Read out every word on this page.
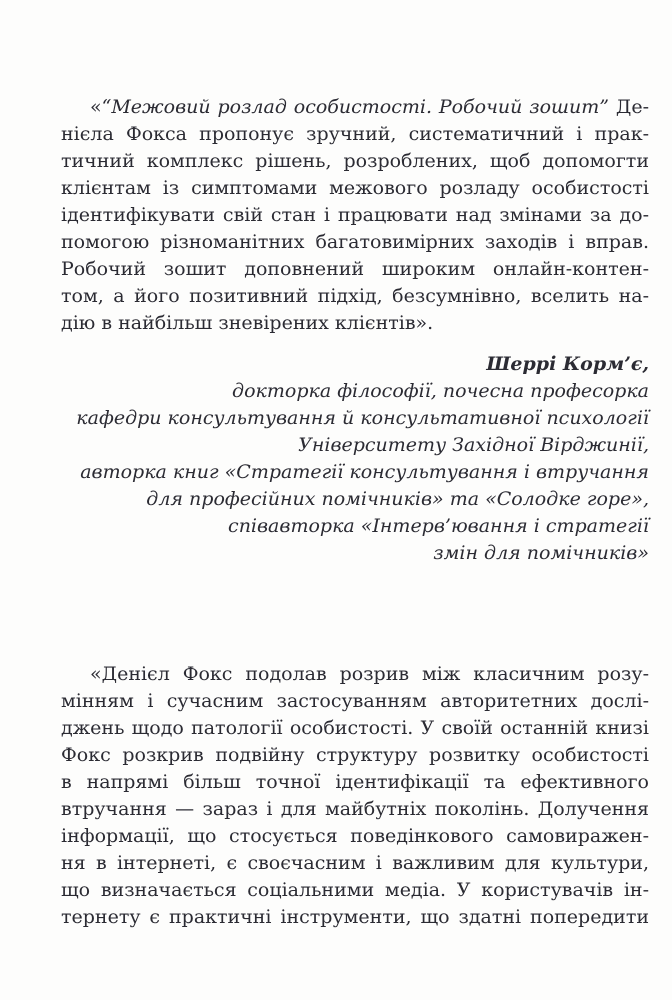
«“Межовий розлад особистості. Робочий зошит” Де-
нієла Фокса пропонує зручний, систематичний і прак-
тичний комплекс рішень, розроблених, щоб допомогти
клієнтам із симптомами межового розладу особистості
ідентифікувати свій стан і працювати над змінами за до-
помогою різноманітних багатовимірних заходів і вправ.
Робочий зошит доповнений широким онлайн-контен-
том, а його позитивний підхід, безсумнівно, вселить на-
дію в найбільш зневірених клієнтів».
Шеррі Корм’є,
докторка філософії, почесна професорка
кафедри консультування й консультативної психології
Університету Західної Вірджинії,
авторка книг «Стратегії консультування і втручання
для професійних помічників» та «Солодке горе»,
співавторка «Інтерв’ювання і стратегії
змін для помічників»
«Денієл Фокс подолав розрив між класичним розу-
мінням і сучасним застосуванням авторитетних дослі-
джень щодо патології особистості. У своїй останній книзі
Фокс розкрив подвійну структуру розвитку особистості
в напрямі більш точної ідентифікації та ефективного
втручання — зараз і для майбутніх поколінь. Долучення
інформації, що стосується поведінкового самовиражен-
ня в інтернеті, є своєчасним і важливим для культури,
що визначається соціальними медіа. У користувачів ін-
тернету є практичні інструменти, що здатні попередити
